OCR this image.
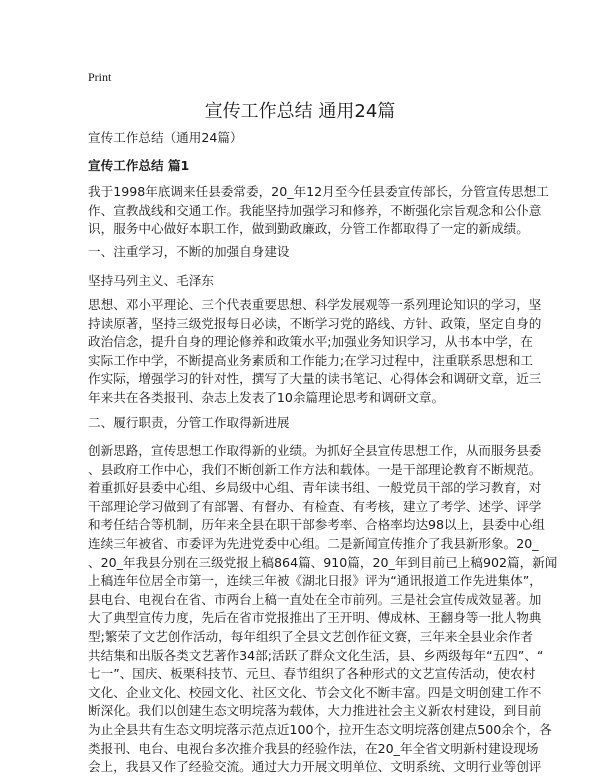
Print
宣传工作总结 通用24篇
宣传工作总结（通用24篇）
宣传工作总结 篇1
我于1998年底调来任县委常委，20_年12月至今任县委宣传部长，分管宣传思想工
作、宣教战线和交通工作。我能坚持加强学习和修养，不断强化宗旨观念和公仆意
识，服务中心做好本职工作，做到勤政廉政，分管工作都取得了一定的新成绩。
一、注重学习，不断的加强自身建设
坚持马列主义、毛泽东
思想、邓小平理论、三个代表重要思想、科学发展观等一系列理论知识的学习，坚
持读原著，坚持三级党报每日必读，不断学习党的路线、方针、政策，坚定自身的
政治信念，提升自身的理论修养和政策水平;加强业务知识学习，从书本中学，在
实际工作中学，不断提高业务素质和工作能力;在学习过程中，注重联系思想和工
作实际，增强学习的针对性，撰写了大量的读书笔记、心得体会和调研文章，近三
年来共在各类报刊、杂志上发表了10余篇理论思考和调研文章。
二、履行职责，分管工作取得新进展
创新思路，宣传思想工作取得新的业绩。为抓好全县宣传思想工作，从而服务县委
、县政府工作中心，我们不断创新工作方法和载体。一是干部理论教育不断规范。
着重抓好县委中心组、乡局级中心组、青年读书组、一般党员干部的学习教育，对
干部理论学习做到了有部署、有督办、有检查、有考核，建立了考学、述学、评学
和考任结合等机制，历年来全县在职干部参考率、合格率均达98以上，县委中心组
连续三年被省、市委评为先进党委中心组。二是新闻宣传推介了我县新形象。20_
、20_年我县分别在三级党报上稿864篇、910篇，20_年到目前已上稿902篇，新闻
上稿连年位居全市第一，连续三年被《湖北日报》评为“通讯报道工作先进集体”，
县电台、电视台在省、市两台上稿一直处在全市前列。三是社会宣传成效显著。加
大了典型宣传力度，先后在省市党报推出了王开明、傅成林、王翻身等一批人物典
型;繁荣了文艺创作活动，每年组织了全县文艺创作征文赛，三年来全县业余作者
共结集和出版各类文艺著作34部;活跃了群众文化生活，县、乡两级每年“五四”、“
七一”、国庆、板栗科技节、元旦、春节组织了各种形式的文艺宣传活动，使农村
文化、企业文化、校园文化、社区文化、节会文化不断丰富。四是文明创建工作不
断深化。我们以创建生态文明垸落为载体，大力推进社会主义新农村建设，到目前
为止全县共有生态文明垸落示范点近100个，拉开生态文明垸落创建点500余个，各
类报刊、电台、电视台多次推介我县的经验作法，在20_年全省文明新村建设现场
会上，我县又作了经验交流。通过大力开展文明单位、文明系统、文明行业等创评
